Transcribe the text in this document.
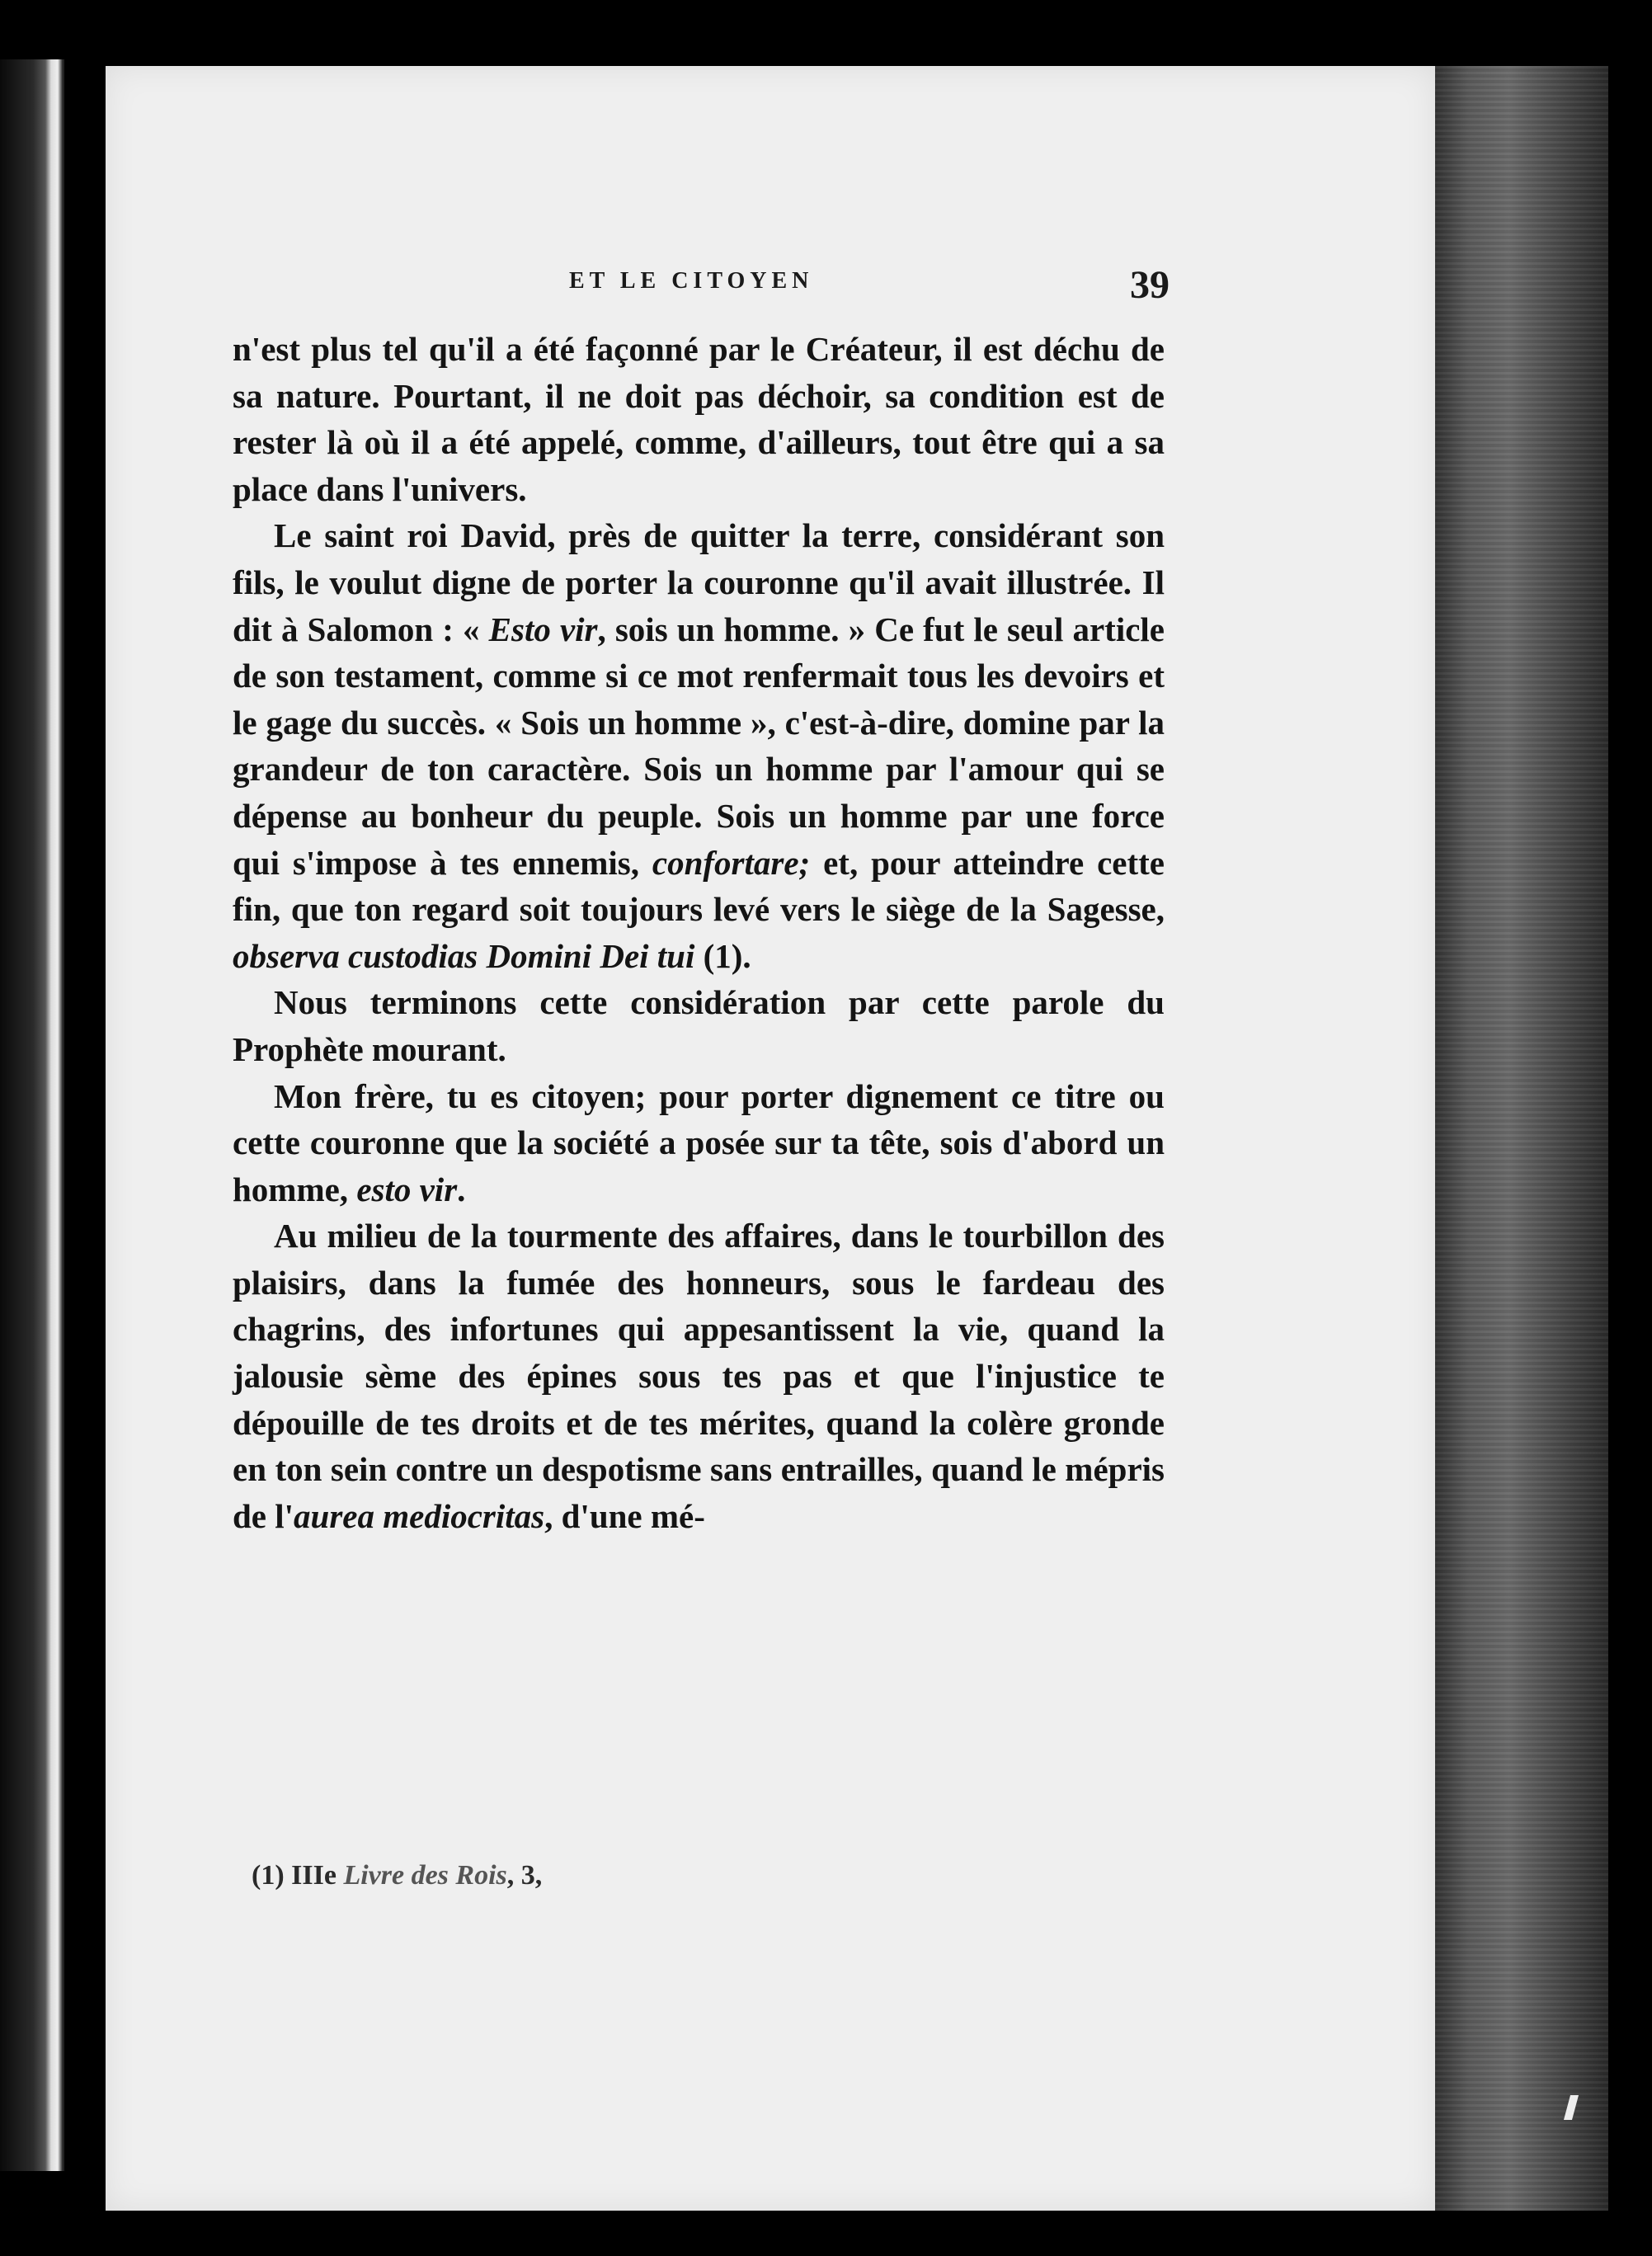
ET LE CITOYEN	39

n'est plus tel qu'il a été façonné par le Créateur, il est déchu de sa nature. Pourtant, il ne doit pas déchoir, sa condition est de rester là où il a été appelé, comme, d'ailleurs, tout être qui a sa place dans l'univers.

Le saint roi David, près de quitter la terre, considérant son fils, le voulut digne de porter la couronne qu'il avait illustrée. Il dit à Salomon : « Esto vir, sois un homme. » Ce fut le seul article de son testament, comme si ce mot renfermait tous les devoirs et le gage du succès. « Sois un homme », c'est-à-dire, domine par la grandeur de ton caractère. Sois un homme par l'amour qui se dépense au bonheur du peuple. Sois un homme par une force qui s'impose à tes ennemis, confortare; et, pour atteindre cette fin, que ton regard soit toujours levé vers le siège de la Sagesse, observa custodias Domini Dei tui (1).

Nous terminons cette considération par cette parole du Prophète mourant.

Mon frère, tu es citoyen; pour porter dignement ce titre ou cette couronne que la société a posée sur ta tête, sois d'abord un homme, esto vir.

Au milieu de la tourmente des affaires, dans le tourbillon des plaisirs, dans la fumée des honneurs, sous le fardeau des chagrins, des infortunes qui appesantissent la vie, quand la jalousie sème des épines sous tes pas et que l'injustice te dépouille de tes droits et de tes mérites, quand la colère gronde en ton sein contre un despotisme sans entrailles, quand le mépris de l'aurea mediocritas, d'une mé-

(1) IIIe Livre des Rois, 3,
